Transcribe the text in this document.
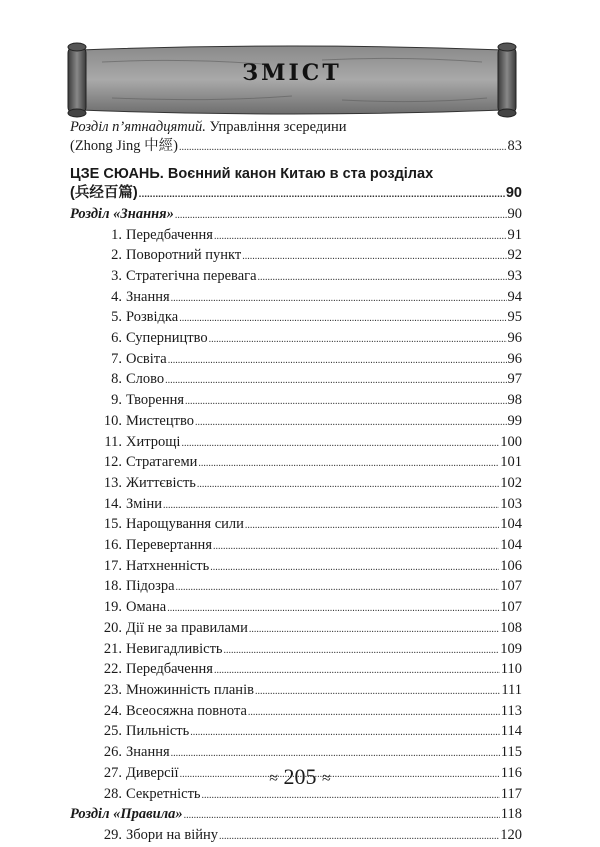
ЗМІСТ
Розділ п’ятнадцятий. Управління зсередини
(Zhong Jing 中經) .....	83
ЦЗЕ СЮАНЬ. Воєнний канон Китаю в ста розділах
(兵经百篇) .....	90
Розділ «Знання» .....	90
1. Передбачення .....	91
2. Поворотний пункт .....	92
3. Стратегічна перевага .....	93
4. Знання .....	94
5. Розвідка .....	95
6. Суперництво .....	96
7. Освіта .....	96
8. Слово .....	97
9. Творення .....	98
10. Мистецтво .....	99
11. Хитрощі .....	100
12. Стратагеми .....	101
13. Життєвість .....	102
14. Зміни .....	103
15. Нарощування сили .....	104
16. Перевертання .....	104
17. Натхненність .....	106
18. Підозра .....	107
19. Омана .....	107
20. Дії не за правилами .....	108
21. Невигадливість .....	109
22. Передбачення .....	110
23. Множинність планів .....	111
24. Всеосяжна повнота .....	113
25. Пильність .....	114
26. Знання .....	115
27. Диверсії .....	116
28. Секретність .....	117
Розділ «Правила» .....	118
29. Збори на війну .....	120
≈ 205 ≈
